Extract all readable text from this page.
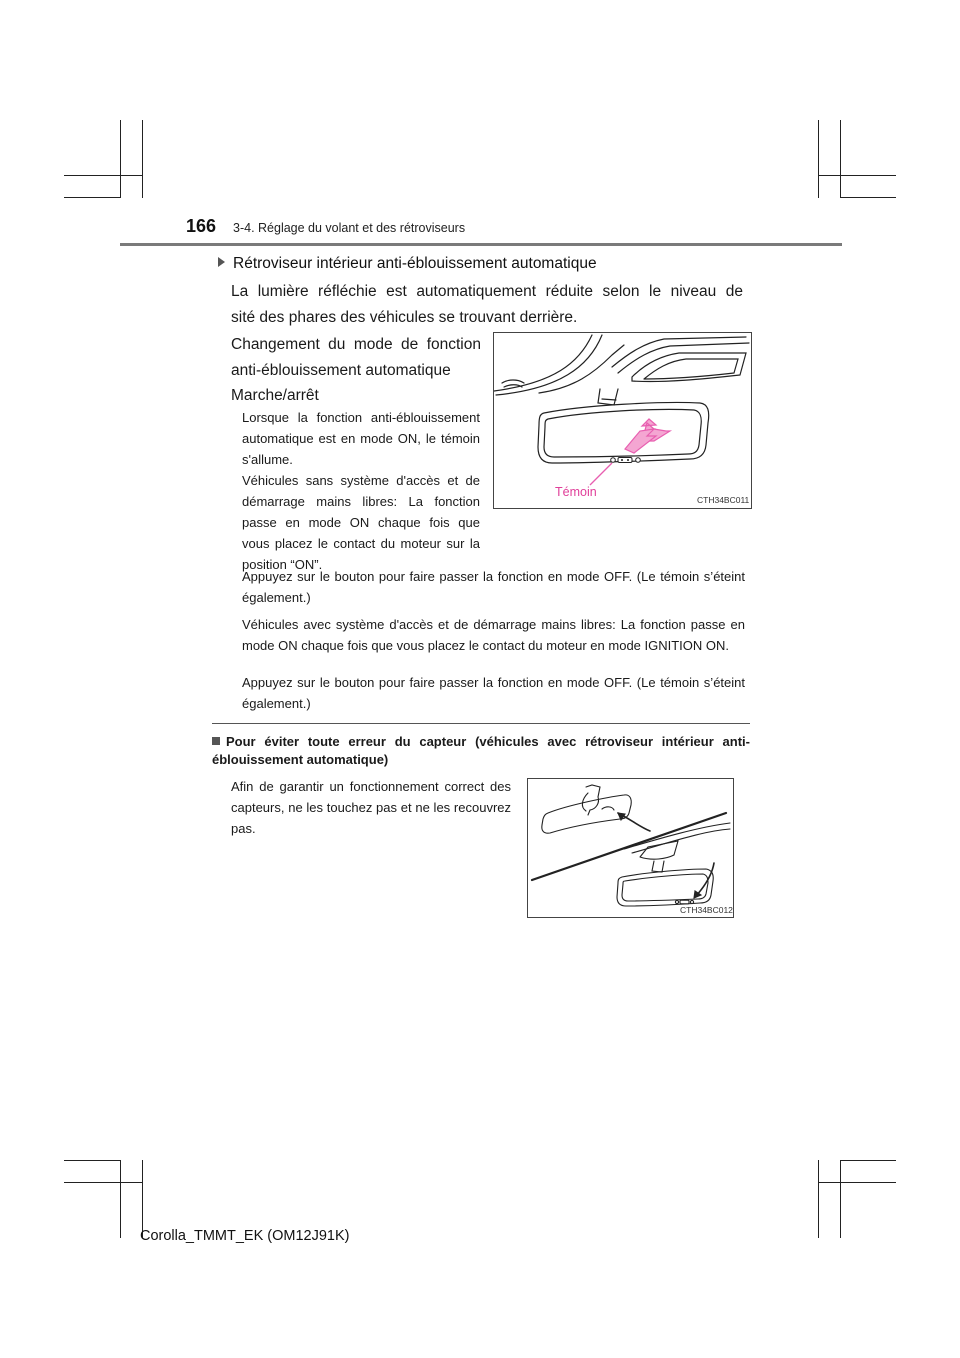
166 3-4. Réglage du volant et des rétroviseurs
Rétroviseur intérieur anti-éblouissement automatique
La lumière réfléchie est automatiquement réduite selon le niveau de
sité des phares des véhicules se trouvant derrière.
Changement du mode de fonction
anti-éblouissement automatique
Marche/arrêt
Lorsque la fonction anti-éblouissement automatique est en mode ON, le témoin s'allume.
Véhicules sans système d'accès et de démarrage mains libres: La fonction passe en mode ON chaque fois que vous placez le contact du moteur sur la position “ON”.
Appuyez sur le bouton pour faire passer la fonction en mode OFF. (Le témoin s’éteint également.)
Véhicules avec système d'accès et de démarrage mains libres: La fonction passe en mode ON chaque fois que vous placez le contact du moteur en mode IGNITION ON.
Appuyez sur le bouton pour faire passer la fonction en mode OFF. (Le témoin s’éteint également.)
Témoin
CTH34BC011
Pour éviter toute erreur du capteur (véhicules avec rétroviseur intérieur anti-éblouissement automatique)
Afin de garantir un fonctionnement correct des capteurs, ne les touchez pas et ne les recouvrez pas.
CTH34BC012
Corolla_TMMT_EK (OM12J91K)
